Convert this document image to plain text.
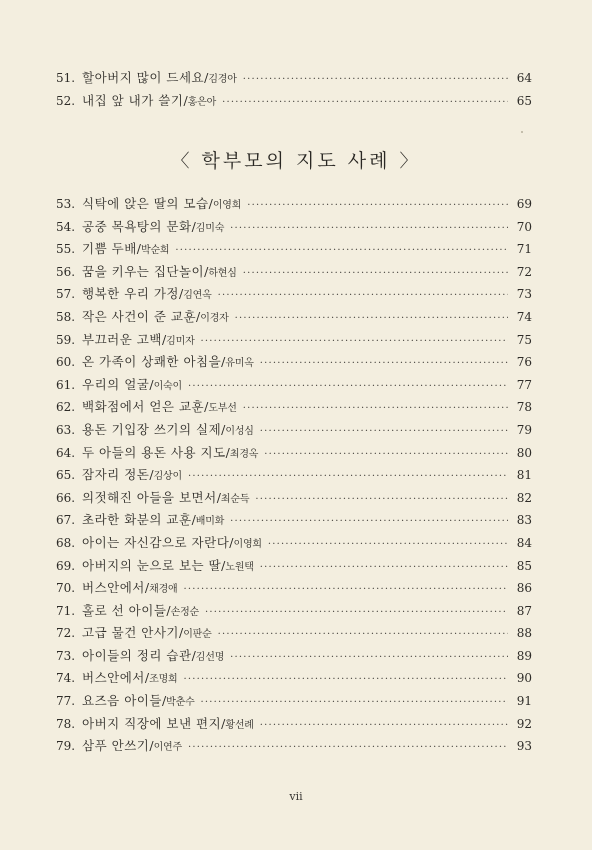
51. 할아버지 많이 드세요 / 김경아 ·····	64
52. 내집 앞 내가 쓸기 / 홍은아 ·····	65
〈 학부모의 지도 사례 〉
53. 식탁에 앉은 딸의 모습 / 이영희 ·····	69
54. 공중 목욕탕의 문화 / 김미숙 ·····	70
55. 기쁨 두배 / 박순희 ·····	71
56. 꿈을 키우는 집단놀이 / 하현심 ·····	72
57. 행복한 우리 가정 / 김연옥 ·····	73
58. 작은 사건이 준 교훈 / 이경자 ·····	74
59. 부끄러운 고백 / 김미자 ·····	75
60. 온 가족이 상쾌한 아침을 / 유미옥 ·····	76
61. 우리의 얼굴 / 이숙이 ·····	77
62. 백화점에서 얻은 교훈 / 도부선 ·····	78
63. 용돈 기입장 쓰기의 실제 / 이성심 ·····	79
64. 두 아들의 용돈 사용 지도 / 최경옥 ·····	80
65. 잠자리 정돈 / 김상이 ·····	81
66. 의젓해진 아들을 보면서 / 최순득 ·····	82
67. 초라한 화분의 교훈 / 배미화 ·····	83
68. 아이는 자신감으로 자란다 / 이영희 ·····	84
69. 아버지의 눈으로 보는 딸 / 노원택 ·····	85
70. 버스안에서 / 채경애 ·····	86
71. 홀로 선 아이들 / 손정순 ·····	87
72. 고급 물건 안사기 / 이판순 ·····	88
73. 아이들의 정리 습관 / 김선명 ·····	89
74. 버스안에서 / 조명희 ·····	90
77. 요즈음 아이들 / 박춘수 ·····	91
78. 아버지 직장에 보낸 편지 / 황선례 ·····	92
79. 삼푸 안쓰기 / 이연주 ·····	93
vii
